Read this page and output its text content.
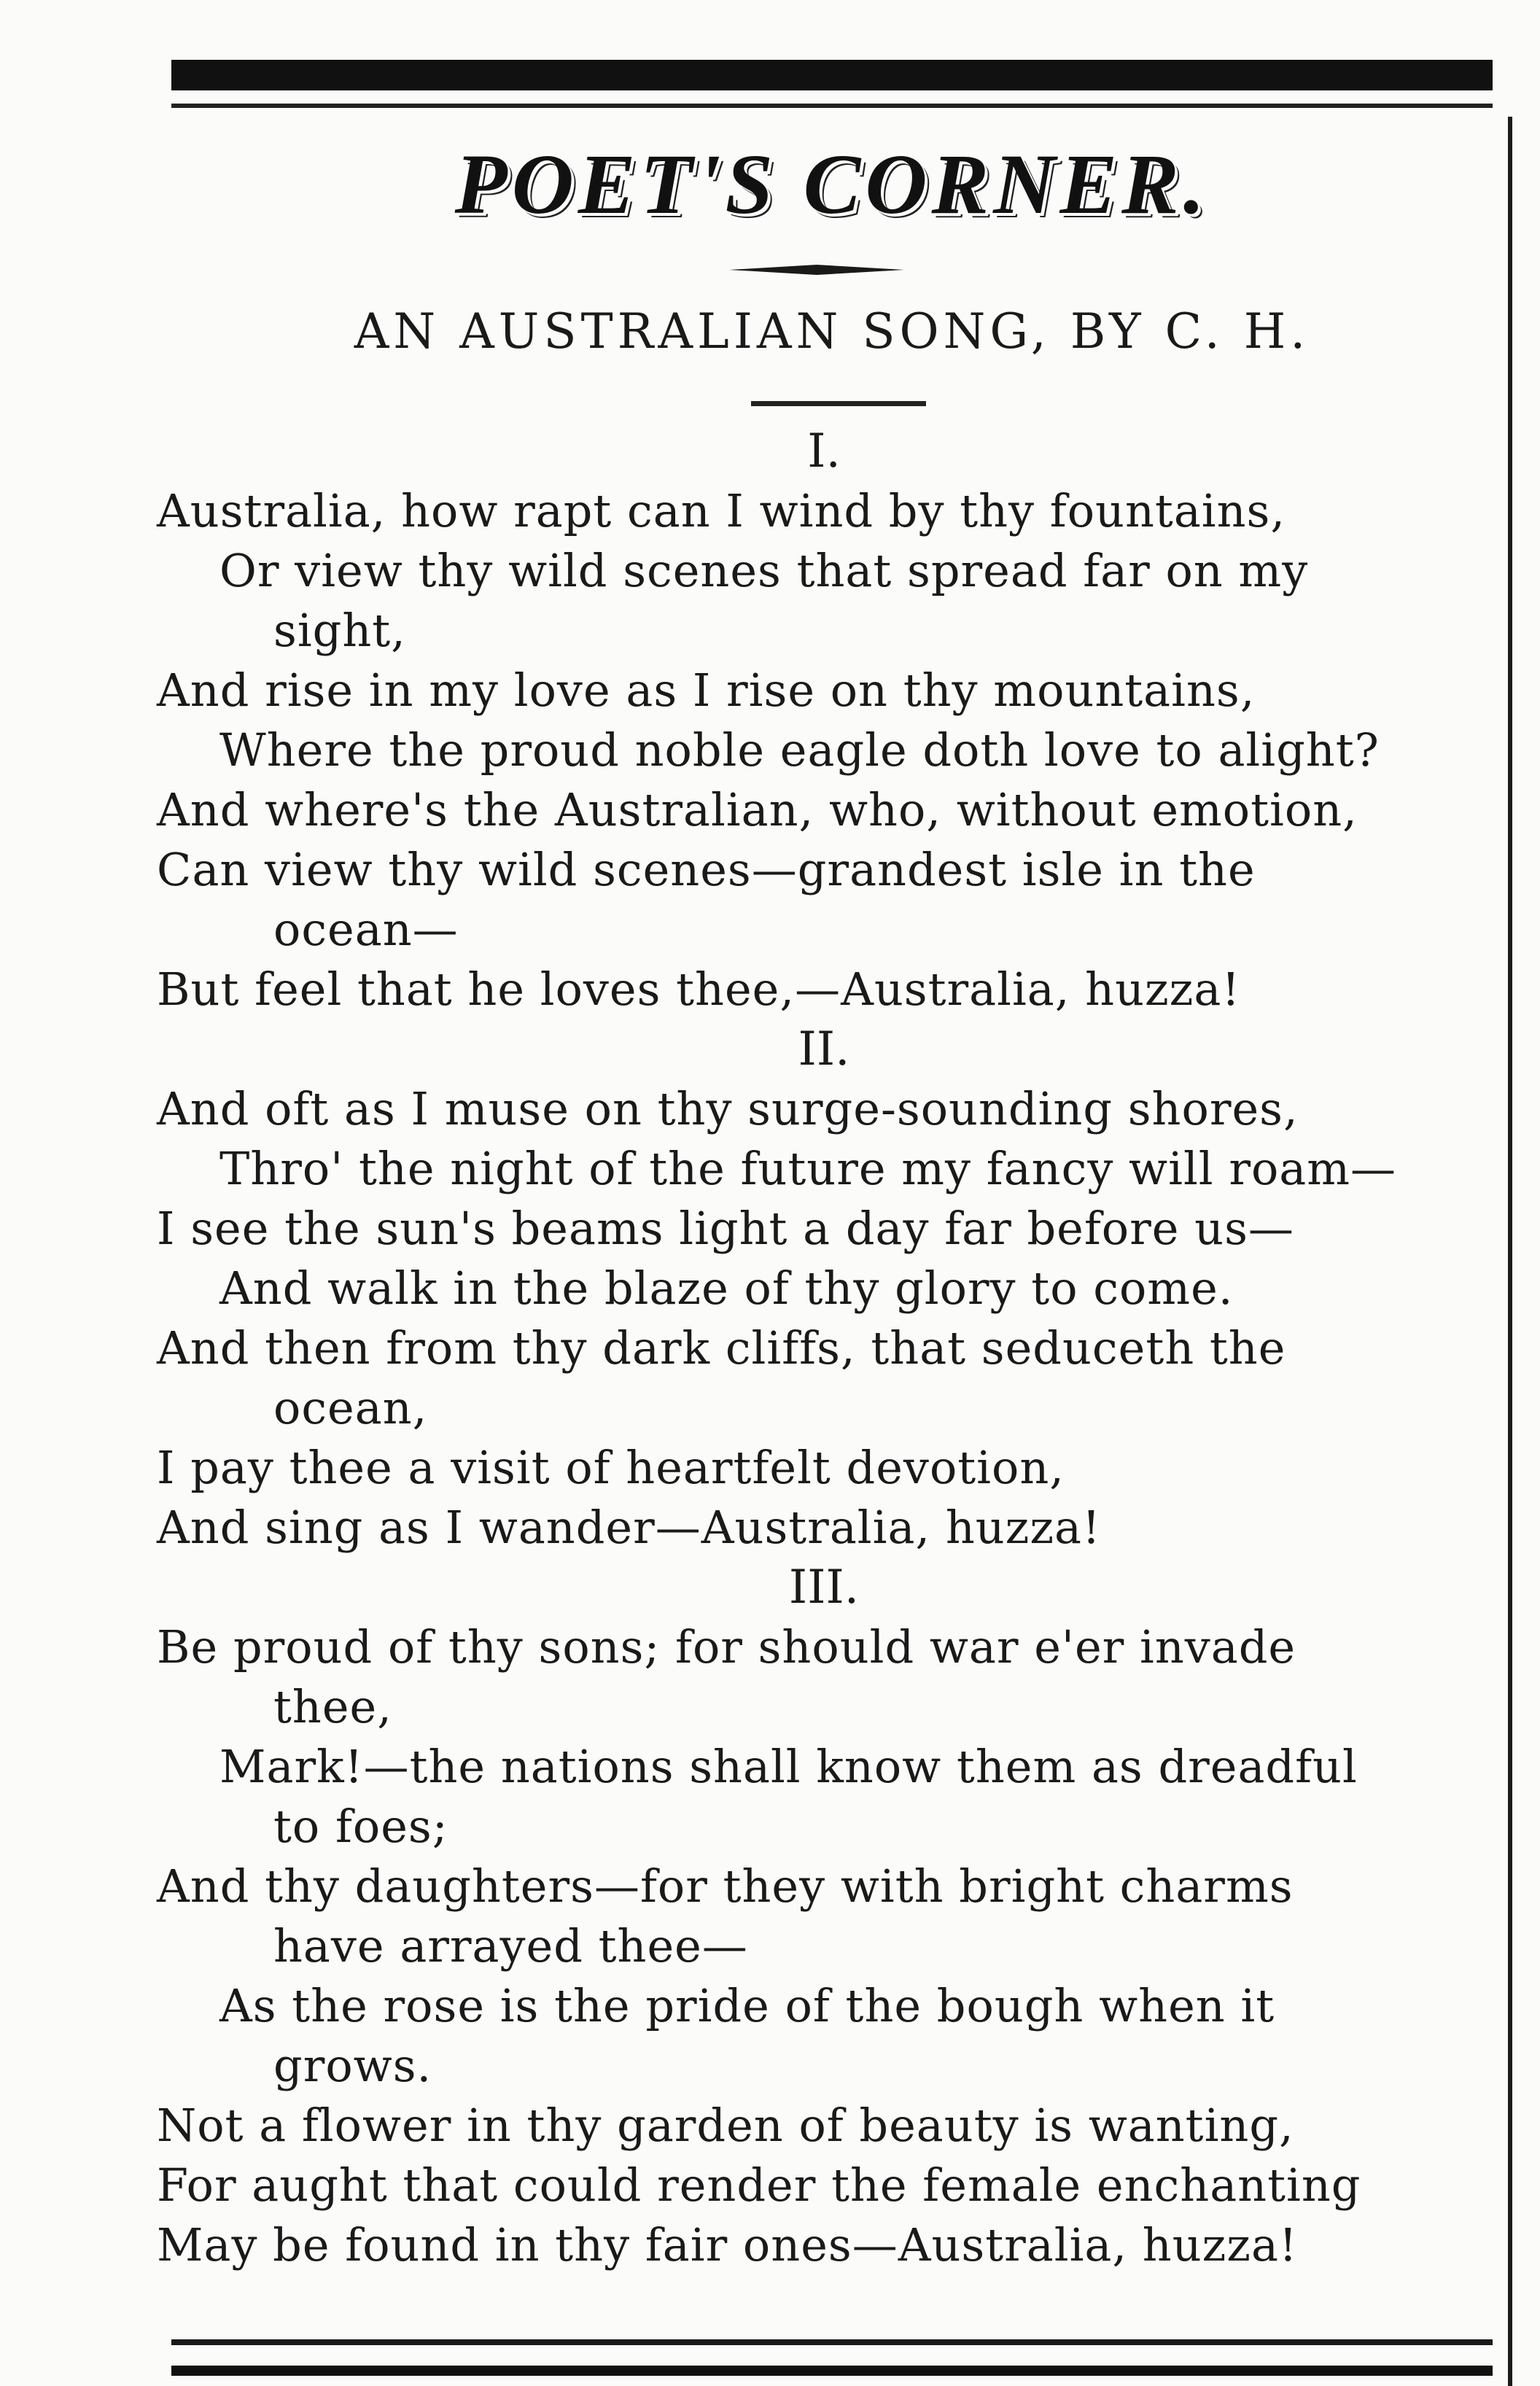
POET'S CORNER.
AN AUSTRALIAN SONG, BY C. H.
I.
Australia, how rapt can I wind by thy fountains,
Or view thy wild scenes that spread far on my
sight,
And rise in my love as I rise on thy mountains,
Where the proud noble eagle doth love to alight?
And where's the Australian, who, without emotion,
Can view thy wild scenes—grandest isle in the
ocean—
But feel that he loves thee,—Australia, huzza!
II.
And oft as I muse on thy surge-sounding shores,
Thro' the night of the future my fancy will roam—
I see the sun's beams light a day far before us—
And walk in the blaze of thy glory to come.
And then from thy dark cliffs, that seduceth the
ocean,
I pay thee a visit of heartfelt devotion,
And sing as I wander—Australia, huzza!
III.
Be proud of thy sons; for should war e'er invade
thee,
Mark!—the nations shall know them as dreadful
to foes;
And thy daughters—for they with bright charms
have arrayed thee—
As the rose is the pride of the bough when it
grows.
Not a flower in thy garden of beauty is wanting,
For aught that could render the female enchanting
May be found in thy fair ones—Australia, huzza!
